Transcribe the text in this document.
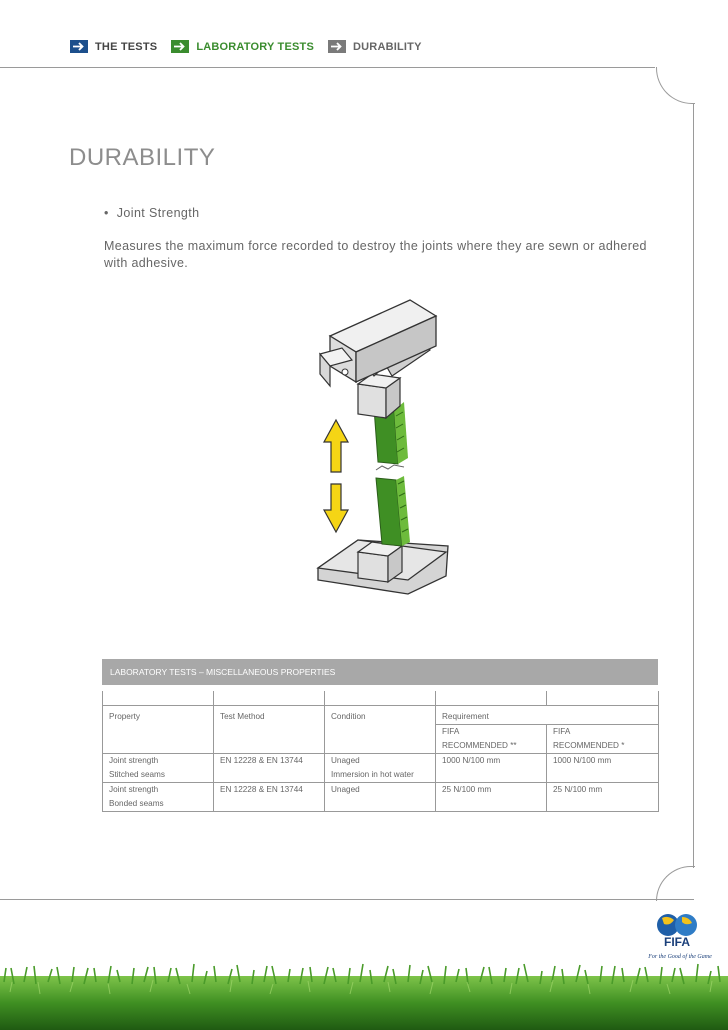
THE TESTS	LABORATORY TESTS	DURABILITY
DURABILITY
• Joint Strength
Measures the maximum force recorded to destroy the joints where they are sewn or adhered with adhesive.
LABORATORY TESTS – MISCELLANEOUS PROPERTIES

Property	Test Method	Condition	Requirement	
			FIFA	FIFA
			RECOMMENDED **	RECOMMENDED *
Joint strength	EN 12228 & EN 13744	Unaged	1000 N/100 mm	1000 N/100 mm
Stitched seams		Immersion in hot water		
Joint strength	EN 12228 & EN 13744	Unaged	25 N/100 mm	25 N/100 mm
Bonded seams				
FIFA
For the Good of the Game
